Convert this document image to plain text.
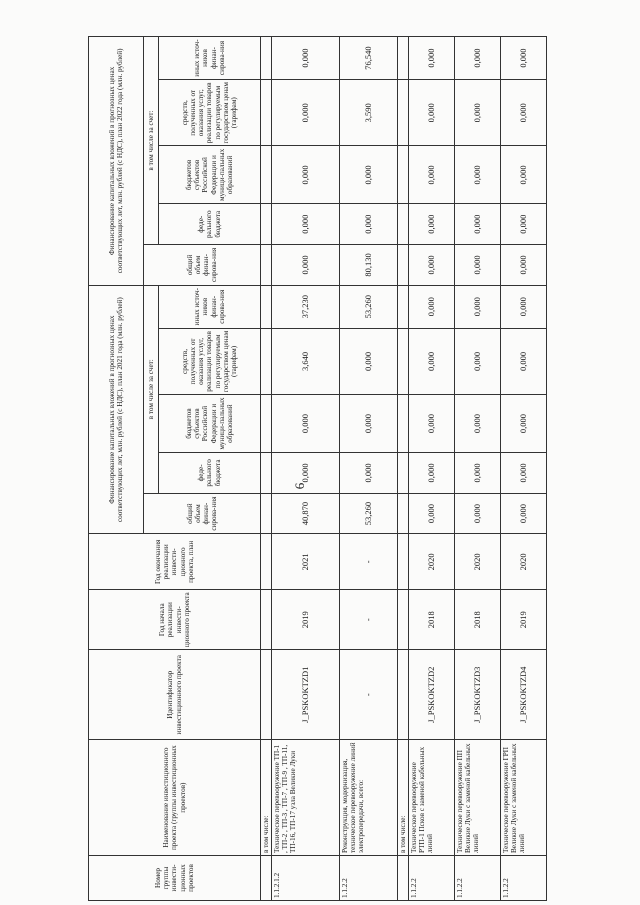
6
Номер группы инвести-ционных проектов	Наименование инвестиционного проекта (группы инвестиционных проектов)	Идентификатор инвестиционного проекта	Год начала реализации инвести-ционного проекта	Год окончания реализации инвести-ционного проекта, план	Финансирование капитальных вложений в прогнозных ценах соответствующих лет, млн. рублей (с НДС), план 2021 года (млн. рублей)					Финансирование капитальных вложений в прогнозных ценах соответствующих лет, млн. рублей (с НДС), план 2022 года (млн. рублей)				
					общий объем финан-сирова-ния	в том числе за счет:				общий объем финан-сирова-ния	в том числе за счет:			
						феде-рального бюджета	бюджетов субъектов Российской Федерации и муници-пальных образований	средств, полученных от оказания услуг, реализации товаров по регулируемым государством ценам (тарифам)	иных источ-ников финан-сирова-ния		феде-рального бюджета	бюджетов субъектов Российской Федерации и муници-пальных образований	средств, полученных от оказания услуг, реализации товаров по регулируемым государством ценам (тарифам)	иных источ-ников финан-сирова-ния
	в том числе:													
1.1.2.1.2	Техническое перевооружение ТП-1 , ТП-2 , ТП-3 , ТП-7 , ТП-9 , ТП-11, ТП-16, ТП-17 узла Великие Луки	J_PSKOKTZD1	2019	2021	40,870	0,000	0,000	3,640	37,230	0,000	0,000	0,000	0,000	0,000
1.1.2.2	Реконструкция, модернизация, техническое перевооружение линий электропередачи, всего:	-	-	-	53,260	0,000	0,000	0,000	53,260	80,130	0,000	0,000	3,590	76,540
	в том числе:													
1.1.2.2	Техническое перевооружение РТП-1 Псков с заменой кабельных линий	J_PSKOKTZD2	2018	2020	0,000	0,000	0,000	0,000	0,000	0,000	0,000	0,000	0,000	0,000
1.1.2.2	Техническое перевооружение ПП Великие Луки с заменой кабельных линий	J_PSKOKTZD3	2018	2020	0,000	0,000	0,000	0,000	0,000	0,000	0,000	0,000	0,000	0,000
1.1.2.2	Техническое перевооружение ГРП Великие Луки с заменой кабельных линий	J_PSKOKTZD4	2019	2020	0,000	0,000	0,000	0,000	0,000	0,000	0,000	0,000	0,000	0,000
